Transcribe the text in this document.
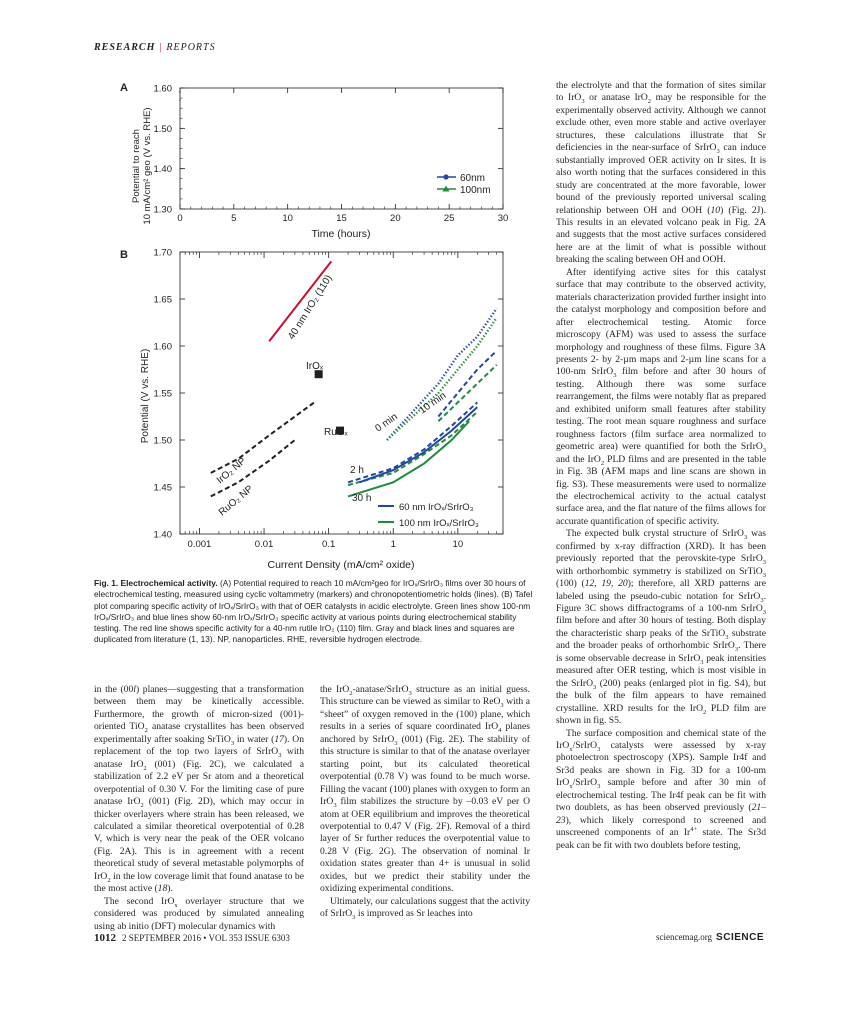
RESEARCH | REPORTS
A
Potential to reach 10 mA/cm² geo (V vs. RHE)	0	5	10	15	20	25	30
1.30
1.40
1.50
1.60
60nm
100nm
Time (hours)
B
Potential (V vs. RHE)
0.001	0.01	0.1	1	10
1.40
1.45
1.50
1.55
1.60
1.65
1.70
40 nm IrO₂ (110)
IrOₓ
RuOₓ
IrO₂ NP
RuO₂ NP
0 min
10 min
2 h
30 h
60 nm IrOₓ/SrIrO₃
100 nm IrOₓ/SrIrO₃
Current Density (mA/cm² oxide)
Fig. 1. Electrochemical activity. (A) Potential required to reach 10 mA/cm²geo for IrOₓ/SrIrO₃ films over 30 hours of electrochemical testing, measured using cyclic voltammetry (markers) and chronopotentiometric holds (lines). (B) Tafel plot comparing specific activity of IrOₓ/SrIrO₃ with that of OER catalysts in acidic electrolyte. Green lines show 100-nm IrOₓ/SrIrO₃ and blue lines show 60-nm IrOₓ/SrIrO₃ specific activity at various points during electrochemical stability testing. The red line shows specific activity for a 40-nm rutile IrO₂ (110) film. Gray and black lines and squares are duplicated from literature (1, 13). NP, nanoparticles. RHE, reversible hydrogen electrode.

the electrolyte and that the formation of sites similar to IrO$_3$ or anatase IrO$_2$ may be responsible for the experimentally observed activity. Although we cannot exclude other, even more stable and active overlayer structures, these calculations illustrate that Sr deficiencies in the near-surface of SrIrO$_3$ can induce substantially improved OER activity on Ir sites. It is also worth noting that the surfaces considered in this study are concentrated at the more favorable, lower bound of the previously reported universal scaling relationship between OH and OOH (10) (Fig. 2J). This results in an elevated volcano peak in Fig. 2A and suggests that the most active surfaces considered here are at the limit of what is possible without breaking the scaling between OH and OOH.

After identifying active sites for this catalyst surface that may contribute to the observed activity, materials characterization provided further insight into the catalyst morphology and composition before and after electrochemical testing. Atomic force microscopy (AFM) was used to assess the surface morphology and roughness of these films. Figure 3A presents 2- by 2-µm maps and 2-µm line scans for a 100-nm SrIrO$_3$ film before and after 30 hours of testing. Although there was some surface rearrangement, the films were notably flat as prepared and exhibited uniform small features after stability testing. The root mean square roughness and surface roughness factors (film surface area normalized to geometric area) were quantified for both the SrIrO$_3$ and the IrO$_2$ PLD films and are presented in the table in Fig. 3B (AFM maps and line scans are shown in fig. S3). These measurements were used to normalize the electrochemical activity to the actual catalyst surface area, and the flat nature of the films allows for accurate quantification of specific activity.

The expected bulk crystal structure of SrIrO$_3$ was confirmed by x-ray diffraction (XRD). It has been previously reported that the perovskite-type SrIrO$_3$ with orthorhombic symmetry is stabilized on SrTiO$_3$ (100) (12, 19, 20); therefore, all XRD patterns are labeled using the pseudo-cubic notation for SrIrO$_3$. Figure 3C shows diffractograms of a 100-nm SrIrO$_3$ film before and after 30 hours of testing. Both display the characteristic sharp peaks of the SrTiO$_3$ substrate and the broader peaks of orthorhombic SrIrO$_3$. There is some observable decrease in SrIrO$_3$ peak intensities measured after OER testing, which is most visible in the SrIrO$_3$ (200) peaks (enlarged plot in fig. S4), but the bulk of the film appears to have remained crystalline. XRD results for the IrO$_2$ PLD film are shown in fig. S5.

The surface composition and chemical state of the IrO$_x$/SrIrO$_3$ catalysts were assessed by x-ray photoelectron spectroscopy (XPS). Sample Ir4f and Sr3d peaks are shown in Fig. 3D for a 100-nm IrO$_x$/SrIrO$_3$ sample before and after 30 min of electrochemical testing. The Ir4f peak can be fit with two doublets, as has been observed previously (21–23), which likely correspond to screened and unscreened components of an $Ir^{4+}$ state. The Sr3d peak can be fit with two doublets before testing,

in the (00l) planes—suggesting that a transformation between them may be kinetically accessible. Furthermore, the growth of micron-sized (001)-oriented TiO$_2$ anatase crystallites has been observed experimentally after soaking SrTiO$_3$ in water (17). On replacement of the top two layers of SrIrO$_3$ with anatase IrO$_2$ (001) (Fig. 2C), we calculated a stabilization of 2.2 eV per Sr atom and a theoretical overpotential of 0.30 V. For the limiting case of pure anatase IrO$_2$ (001) (Fig. 2D), which may occur in thicker overlayers where strain has been released, we calculated a similar theoretical overpotential of 0.28 V, which is very near the peak of the OER volcano (Fig. 2A). This is in agreement with a recent theoretical study of several metastable polymorphs of IrO$_2$ in the low coverage limit that found anatase to be the most active (18).

The second IrO$_x$ overlayer structure that we considered was produced by simulated annealing using ab initio (DFT) molecular dynamics with

the IrO$_2$-anatase/SrIrO$_3$ structure as an initial guess. This structure can be viewed as similar to ReO$_3$ with a “sheet” of oxygen removed in the (100) plane, which results in a series of square coordinated IrO$_4$ planes anchored by SrIrO$_3$ (001) (Fig. 2E). The stability of this structure is similar to that of the anatase overlayer starting point, but its calculated theoretical overpotential (0.78 V) was found to be much worse. Filling the vacant (100) planes with oxygen to form an IrO$_3$ film stabilizes the structure by –0.03 eV per O atom at OER equilibrium and improves the theoretical overpotential to 0.47 V (Fig. 2F). Removal of a third layer of Sr further reduces the overpotential value to 0.28 V (Fig. 2G). The observation of nominal Ir oxidation states greater than 4+ is unusual in solid oxides, but we predict their stability under the oxidizing experimental conditions.

Ultimately, our calculations suggest that the activity of SrIrO$_3$ is improved as Sr leaches into

1012 2 SEPTEMBER 2016 • VOL 353 ISSUE 6303	sciencemag.org SCIENCE
